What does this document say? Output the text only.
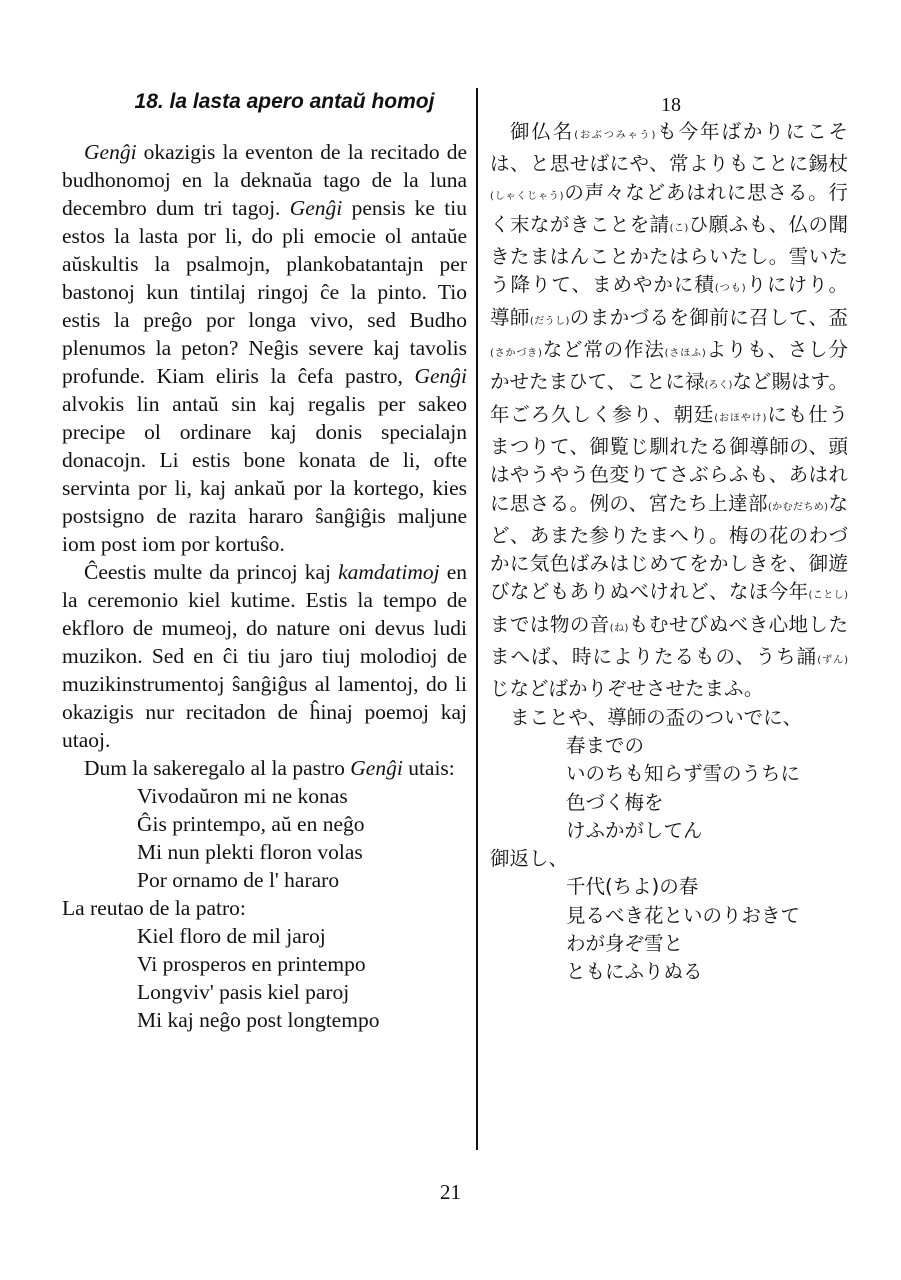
18. la lasta apero antaŭ homoj

Genĝi okazigis la eventon de la recitado de budhonomoj en la deknaŭa tago de la luna decembro dum tri tagoj. Genĝi pensis ke tiu estos la lasta por li, do pli emocie ol antaŭe aŭskultis la psalmojn, plankobatantajn per bastonoj kun tintilaj ringoj ĉe la pinto. Tio estis la preĝo por longa vivo, sed Budho plenumos la peton? Neĝis severe kaj tavolis profunde. Kiam eliris la ĉefa pastro, Genĝi alvokis lin antaŭ sin kaj regalis per sakeo precipe ol ordinare kaj donis specialajn donacojn. Li estis bone konata de li, ofte servinta por li, kaj ankaŭ por la kortego, kies postsigno de razita hararo ŝanĝiĝis maljune iom post iom por kortuŝo.

Ĉeestis multe da princoj kaj kamdatimoj en la ceremonio kiel kutime. Estis la tempo de ekfloro de mumeoj, do nature oni devus ludi muzikon. Sed en ĉi tiu jaro tiuj molodioj de muzikinstrumentoj ŝanĝiĝus al lamentoj, do li okazigis nur recitadon de ĥinaj poemoj kaj utaoj.

Dum la sakeregalo al la pastro Genĝi utais:

Vivodaŭron mi ne konas
Ĝis printempo, aŭ en neĝo
Mi nun plekti floron volas
Por ornamo de l' hararo

La reutao de la patro:

Kiel floro de mil jaroj
Vi prosperos en printempo
Longviv' pasis kiel paroj
Mi kaj neĝo post longtempo

18

御仏名(おぶつみゃう)も今年ばかりにこそは、と思せばにや、常よりもことに錫杖(しゃくじゃう)の声々などあはれに思さる。行く末ながきことを請(こ)ひ願ふも、仏の聞きたまはんことかたはらいたし。雪いたう降りて、まめやかに積(つも)りにけり。導師(だうし)のまかづるを御前に召して、盃(さかづき)など常の作法(さほふ)よりも、さし分かせたまひて、ことに禄(ろく)など賜はす。年ごろ久しく参り、朝廷(おほやけ)にも仕うまつりて、御覧じ馴れたる御導師の、頭はやうやう色変りてさぶらふも、あはれに思さる。例の、宮たち上達部(かむだちめ)など、あまた参りたまへり。梅の花のわづかに気色ばみはじめてをかしきを、御遊びなどもありぬべけれど、なほ今年(ことし)までは物の音(ね)もむせびぬべき心地したまへば、時によりたるもの、うち誦(ずん)じなどばかりぞせさせたまふ。

まことや、導師の盃のついでに、

春までの
いのちも知らず雪のうちに
色づく梅を
けふかがしてん

御返し、

千代(ちよ)の春
見るべき花といのりおきて
わが身ぞ雪と
ともにふりぬる
21
